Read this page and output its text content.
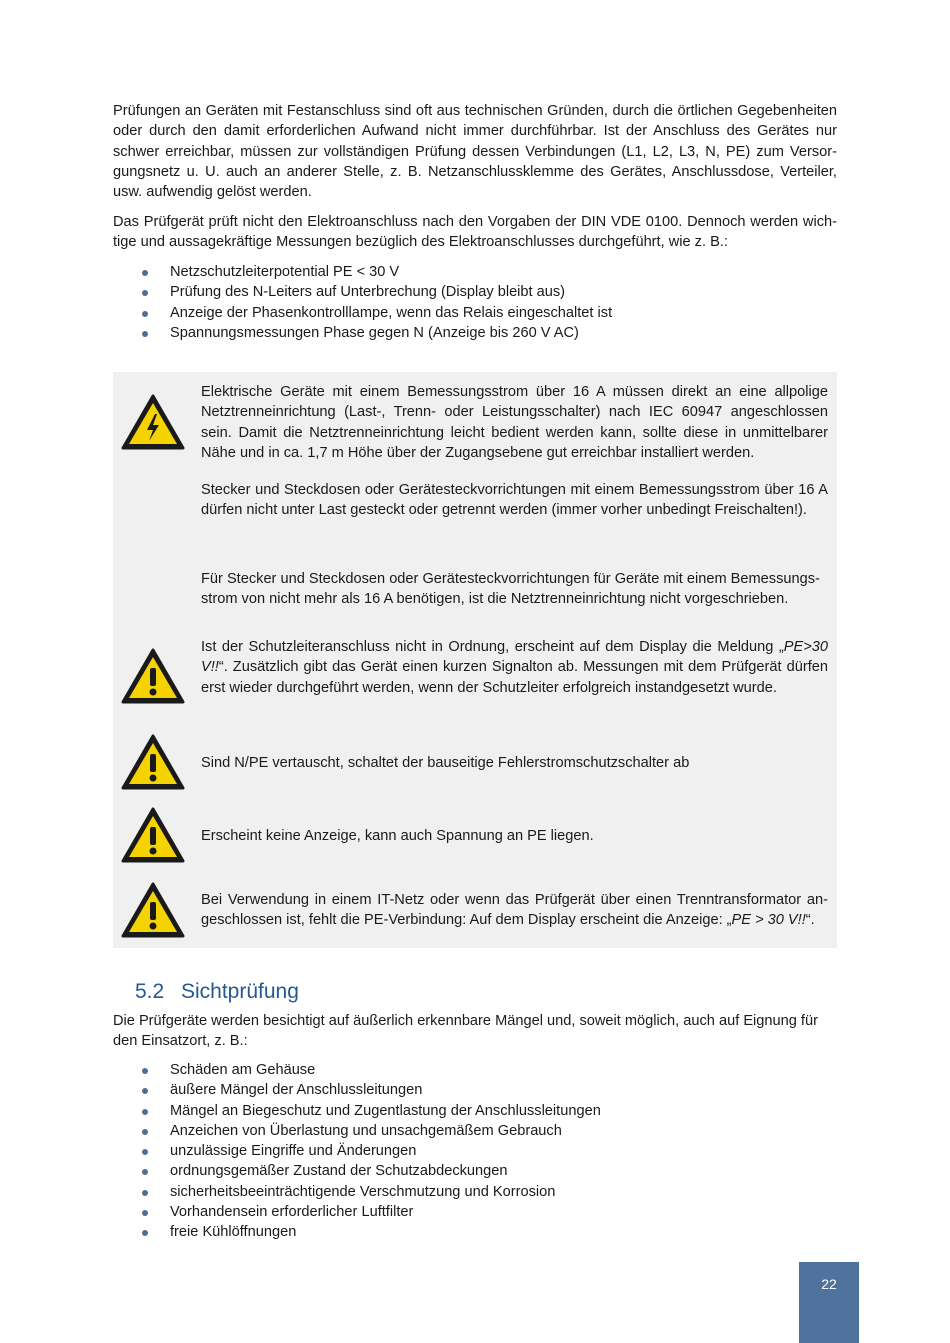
Prüfungen an Geräten mit Festanschluss sind oft aus technischen Gründen, durch die örtlichen Gegebenheiten oder durch den damit erforderlichen Aufwand nicht immer durchführbar. Ist der Anschluss des Gerätes nur schwer erreichbar, müssen zur vollständigen Prüfung dessen Verbindungen (L1, L2, L3, N, PE) zum Versorgungsnetz u. U. auch an anderer Stelle, z. B. Netzanschlussklemme des Gerätes, Anschlussdose, Verteiler, usw. aufwendig gelöst werden.

Das Prüfgerät prüft nicht den Elektroanschluss nach den Vorgaben der DIN VDE 0100. Dennoch werden wichtige und aussagekräftige Messungen bezüglich des Elektroanschlusses durchgeführt, wie z. B.:

Netzschutzleiterpotential PE < 30 V
Prüfung des N-Leiters auf Unterbrechung (Display bleibt aus)
Anzeige der Phasenkontrolllampe, wenn das Relais eingeschaltet ist
Spannungsmessungen Phase gegen N (Anzeige bis 260 V AC)

Elektrische Geräte mit einem Bemessungsstrom über 16 A müssen direkt an eine allpolige Netztrenneinrichtung (Last-, Trenn- oder Leistungsschalter) nach IEC 60947 angeschlossen sein. Damit die Netztrenneinrichtung leicht bedient werden kann, sollte diese in unmittelbarer Nähe und in ca. 1,7 m Höhe über der Zugangsebene gut erreichbar installiert werden.

Stecker und Steckdosen oder Gerätesteckvorrichtungen mit einem Bemessungsstrom über 16 A dürfen nicht unter Last gesteckt oder getrennt werden (immer vorher unbedingt Freischalten!).

Für Stecker und Steckdosen oder Gerätesteckvorrichtungen für Geräte mit einem Bemessungsstrom von nicht mehr als 16 A benötigen, ist die Netztrenneinrichtung nicht vorgeschrieben.

Ist der Schutzleiteranschluss nicht in Ordnung, erscheint auf dem Display die Meldung „PE>30 V!!“. Zusätzlich gibt das Gerät einen kurzen Signalton ab. Messungen mit dem Prüfgerät dürfen erst wieder durchgeführt werden, wenn der Schutzleiter erfolgreich instandgesetzt wurde.

Sind N/PE vertauscht, schaltet der bauseitige Fehlerstromschutzschalter ab

Erscheint keine Anzeige, kann auch Spannung an PE liegen.

Bei Verwendung in einem IT-Netz oder wenn das Prüfgerät über einen Trenntransformator angeschlossen ist, fehlt die PE-Verbindung: Auf dem Display erscheint die Anzeige: „PE > 30 V!!“.

5.2 Sichtprüfung

Die Prüfgeräte werden besichtigt auf äußerlich erkennbare Mängel und, soweit möglich, auch auf Eignung für den Einsatzort, z. B.:

Schäden am Gehäuse
äußere Mängel der Anschlussleitungen
Mängel an Biegeschutz und Zugentlastung der Anschlussleitungen
Anzeichen von Überlastung und unsachgemäßem Gebrauch
unzulässige Eingriffe und Änderungen
ordnungsgemäßer Zustand der Schutzabdeckungen
sicherheitsbeeinträchtigende Verschmutzung und Korrosion
Vorhandensein erforderlicher Luftfilter
freie Kühlöffnungen
22
